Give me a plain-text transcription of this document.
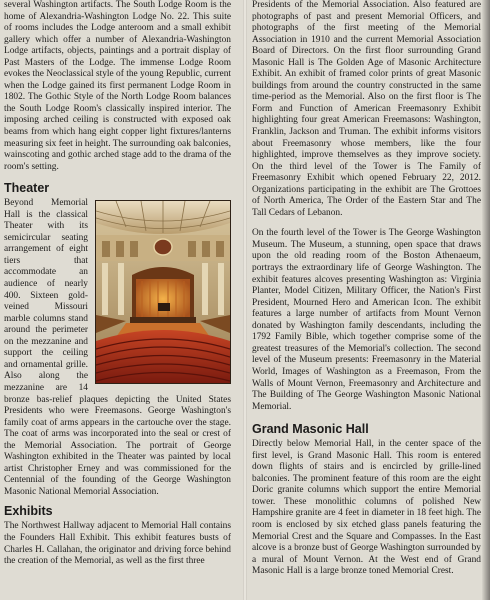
several Washington artifacts. The South Lodge Room is the home of Alexandria-Washington Lodge No. 22. This suite of rooms includes the Lodge anteroom and a small exhibit gallery which offer a number of Alexandria-Washington Lodge artifacts, objects, paintings and a portrait display of Past Masters of the Lodge. The immense Lodge Room evokes the Neoclassical style of the young Republic, current when the Lodge gained its first permanent Lodge Room in 1802. The Gothic Style of the North Lodge Room balances the South Lodge Room's classically inspired interior. The imposing arched ceiling is constructed with exposed oak beams from which hang eight copper light fixtures/lanterns measuring six feet in height. The surrounding oak balconies, wainscoting and gothic arched stage add to the drama of the room's setting.

Theater

Beyond Memorial Hall is the classical Theater with its semicircular seating arrangement of eight tiers that accommodate an audience of nearly 400. Sixteen gold-veined Missouri marble columns stand around the perimeter on the mezzanine and support the ceiling and ornamental grille. Also along the mezzanine are 14 bronze bas-relief plaques depicting the United States Presidents who were Freemasons. George Washington's family coat of arms appears in the cartouche over the stage. The coat of arms was incorporated into the seal or crest of the Memorial Association. The portrait of George Washington exhibited in the Theater was painted by local artist Christopher Erney and was commissioned for the Centennial of the founding of the George Washington Masonic National Memorial Association.

Exhibits

The Northwest Hallway adjacent to Memorial Hall contains the Founders Hall Exhibit. This exhibit features busts of Charles H. Callahan, the originator and driving force behind the creation of the Memorial, as well as the first three

Presidents of the Memorial Association. Also featured are photographs of past and present Memorial Officers, and photographs of the first meeting of the Memorial Association in 1910 and the current Memorial Association Board of Directors. On the first floor surrounding Grand Masonic Hall is The Golden Age of Masonic Architecture Exhibit. An exhibit of framed color prints of great Masonic buildings from around the country constructed in the same time-period as the Memorial. Also on the first floor is The Form and Function of American Freemasonry Exhibit highlighting four great American Freemasons: Washington, Franklin, Jackson and Truman. The exhibit informs visitors about Freemasonry whose members, like the four highlighted, improve themselves as they improve society. On the third level of the Tower is The Family of Freemasonry Exhibit which opened February 22, 2012. Organizations participating in the exhibit are The Grottoes of North America, The Order of the Eastern Star and The Tall Cedars of Lebanon.

On the fourth level of the Tower is The George Washington Museum. The Museum, a stunning, open space that draws upon the old reading room of the Boston Athenaeum, portrays the extraordinary life of George Washington. The exhibit features alcoves presenting Washington as: Virginia Planter, Model Citizen, Military Officer, the Nation's First President, Mourned Hero and American Icon. The exhibit features a large number of artifacts from Mount Vernon donated by Washington family descendants, including the 1792 Family Bible, which together comprise some of the greatest treasures of the Memorial's collection. The second level of the Museum presents: Freemasonry in the Material World, Images of Washington as a Freemason, From the Walls of Mount Vernon, Freemasonry and Architecture and The Building of The George Washington Masonic National Memorial.

Grand Masonic Hall

Directly below Memorial Hall, in the center space of the first level, is Grand Masonic Hall. This room is entered down flights of stairs and is encircled by grille-lined balconies. The prominent feature of this room are the eight Doric granite columns which support the entire Memorial tower. These monolithic columns of polished New Hampshire granite are 4 feet in diameter in 18 feet high. The room is enclosed by six etched glass panels featuring the Memorial Crest and the Square and Compasses. In the East alcove is a bronze bust of George Washington surrounded by a mural of Mount Vernon. At the West end of Grand Masonic Hall is a large bronze toned Memorial Crest.
